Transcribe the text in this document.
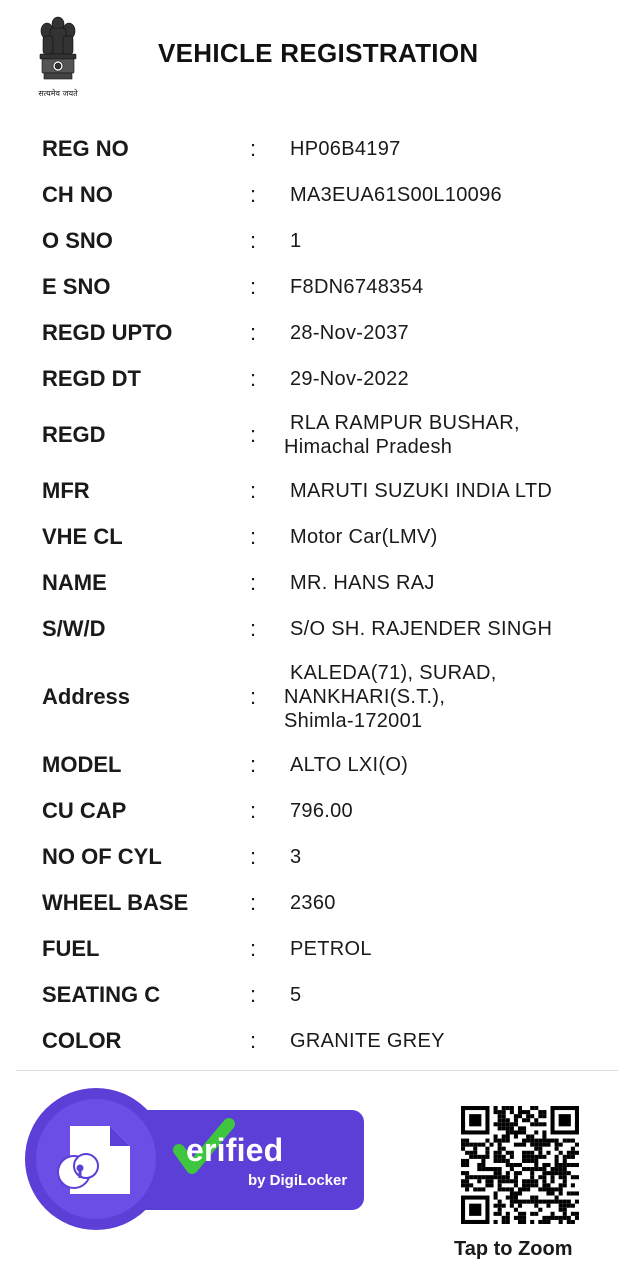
सत्यमेव जयते
VEHICLE REGISTRATION
REG NO	: HP06B4197
CH NO	: MA3EUA61S00L10096
O SNO	: 1
E SNO	: F8DN6748354
REGD UPTO	: 28-Nov-2037
REGD DT	: 29-Nov-2022
REGD	:	RLA RAMPUR BUSHAR,
Himachal Pradesh
MFR	: MARUTI SUZUKI INDIA LTD
VHE CL	: Motor Car(LMV)
NAME	: MR. HANS RAJ
S/W/D	: S/O SH. RAJENDER SINGH
Address	:
KALEDA(71), SURAD,
NANKHARI(S.T.),
Shimla-172001
MODEL	: ALTO LXI(O)
CU CAP	: 796.00
NO OF CYL	: 3
WHEEL BASE	: 2360
FUEL	: PETROL
SEATING C	: 5
COLOR	: GRANITE GREY
erified
by DigiLocker
Tap to Zoom
